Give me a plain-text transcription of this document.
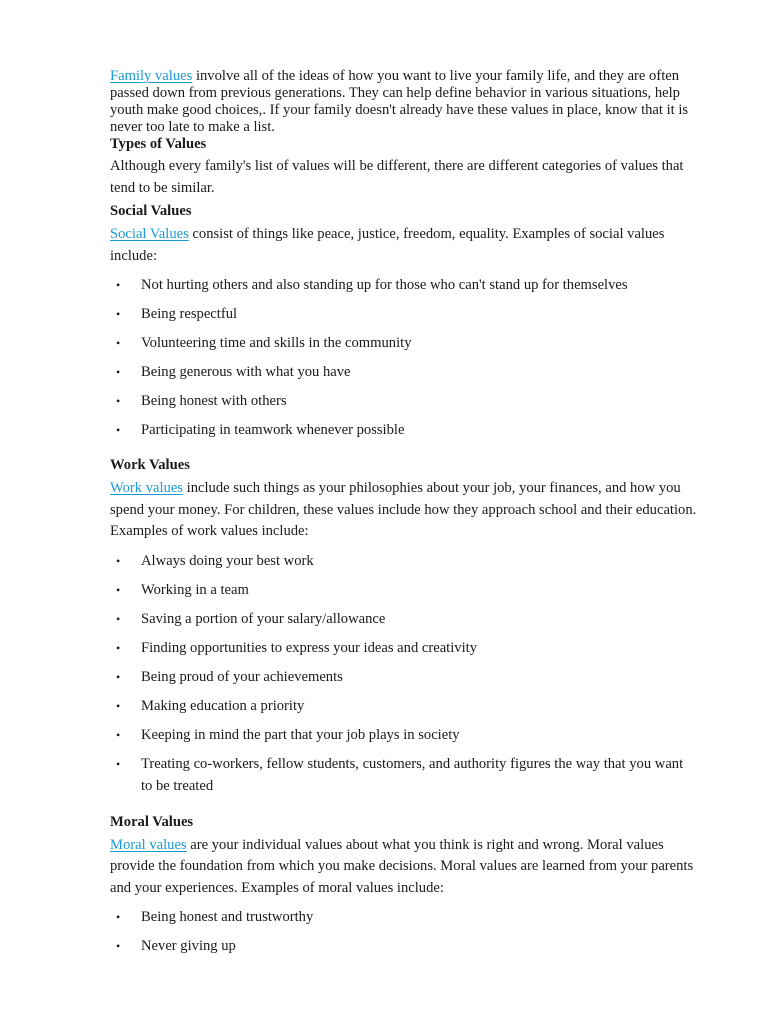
Family values involve all of the ideas of how you want to live your family life, and they are often passed down from previous generations. They can help define behavior in various situations, help youth make good choices,. If your family doesn't already have these values in place, know that it is never too late to make a list.

Types of Values

Although every family's list of values will be different, there are different categories of values that tend to be similar.

Social Values

Social Values consist of things like peace, justice, freedom, equality. Examples of social values include:

• Not hurting others and also standing up for those who can't stand up for themselves
• Being respectful
• Volunteering time and skills in the community
• Being generous with what you have
• Being honest with others
• Participating in teamwork whenever possible

Work Values

Work values include such things as your philosophies about your job, your finances, and how you spend your money. For children, these values include how they approach school and their education. Examples of work values include:

• Always doing your best work
• Working in a team
• Saving a portion of your salary/allowance
• Finding opportunities to express your ideas and creativity
• Being proud of your achievements
• Making education a priority
• Keeping in mind the part that your job plays in society
• Treating co-workers, fellow students, customers, and authority figures the way that you want to be treated

Moral Values

Moral values are your individual values about what you think is right and wrong. Moral values provide the foundation from which you make decisions. Moral values are learned from your parents and your experiences. Examples of moral values include:

• Being honest and trustworthy
• Never giving up
